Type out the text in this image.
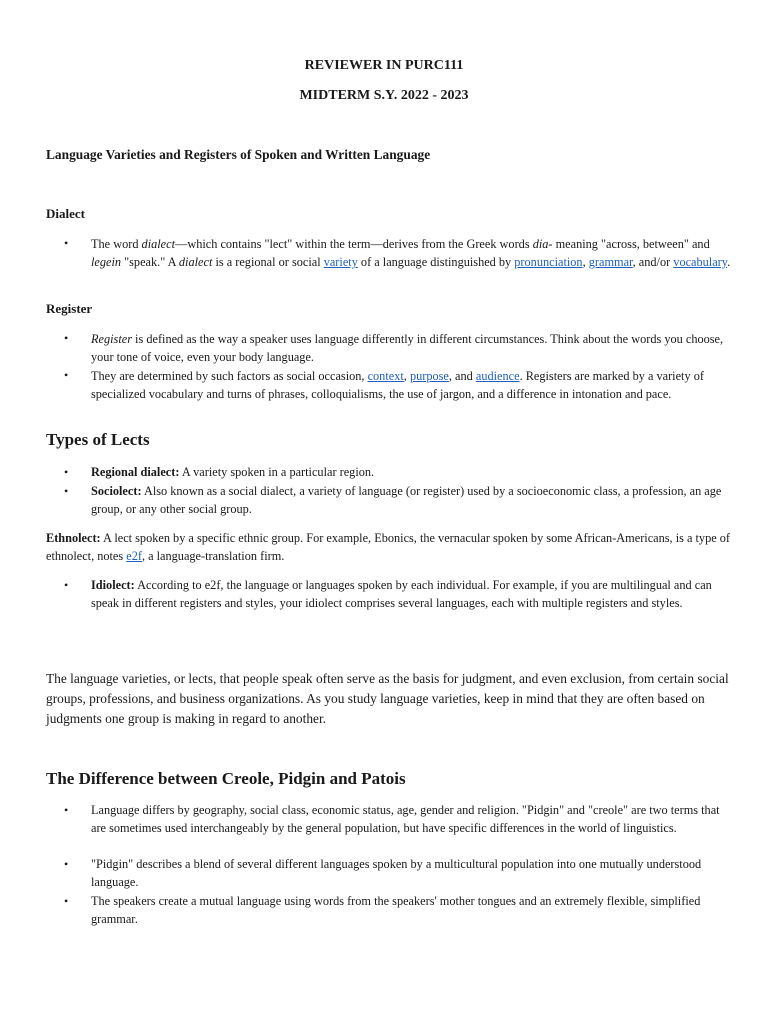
REVIEWER IN PURC111
MIDTERM S.Y. 2022 - 2023
Language Varieties and Registers of Spoken and Written Language
Dialect
• The word dialect—which contains "lect" within the term—derives from the Greek words dia- meaning "across, between" and legein "speak." A dialect is a regional or social variety of a language distinguished by pronunciation, grammar, and/or vocabulary.
Register
• Register is defined as the way a speaker uses language differently in different circumstances. Think about the words you choose, your tone of voice, even your body language.
• They are determined by such factors as social occasion, context, purpose, and audience. Registers are marked by a variety of specialized vocabulary and turns of phrases, colloquialisms, the use of jargon, and a difference in intonation and pace.
Types of Lects
• Regional dialect: A variety spoken in a particular region.
• Sociolect: Also known as a social dialect, a variety of language (or register) used by a socioeconomic class, a profession, an age group, or any other social group.
Ethnolect: A lect spoken by a specific ethnic group. For example, Ebonics, the vernacular spoken by some African-Americans, is a type of ethnolect, notes e2f, a language-translation firm.
• Idiolect: According to e2f, the language or languages spoken by each individual. For example, if you are multilingual and can speak in different registers and styles, your idiolect comprises several languages, each with multiple registers and styles.
The language varieties, or lects, that people speak often serve as the basis for judgment, and even exclusion, from certain social groups, professions, and business organizations. As you study language varieties, keep in mind that they are often based on judgments one group is making in regard to another.
The Difference between Creole, Pidgin and Patois
• Language differs by geography, social class, economic status, age, gender and religion. "Pidgin" and "creole" are two terms that are sometimes used interchangeably by the general population, but have specific differences in the world of linguistics.
• "Pidgin" describes a blend of several different languages spoken by a multicultural population into one mutually understood language.
• The speakers create a mutual language using words from the speakers' mother tongues and an extremely flexible, simplified grammar.
